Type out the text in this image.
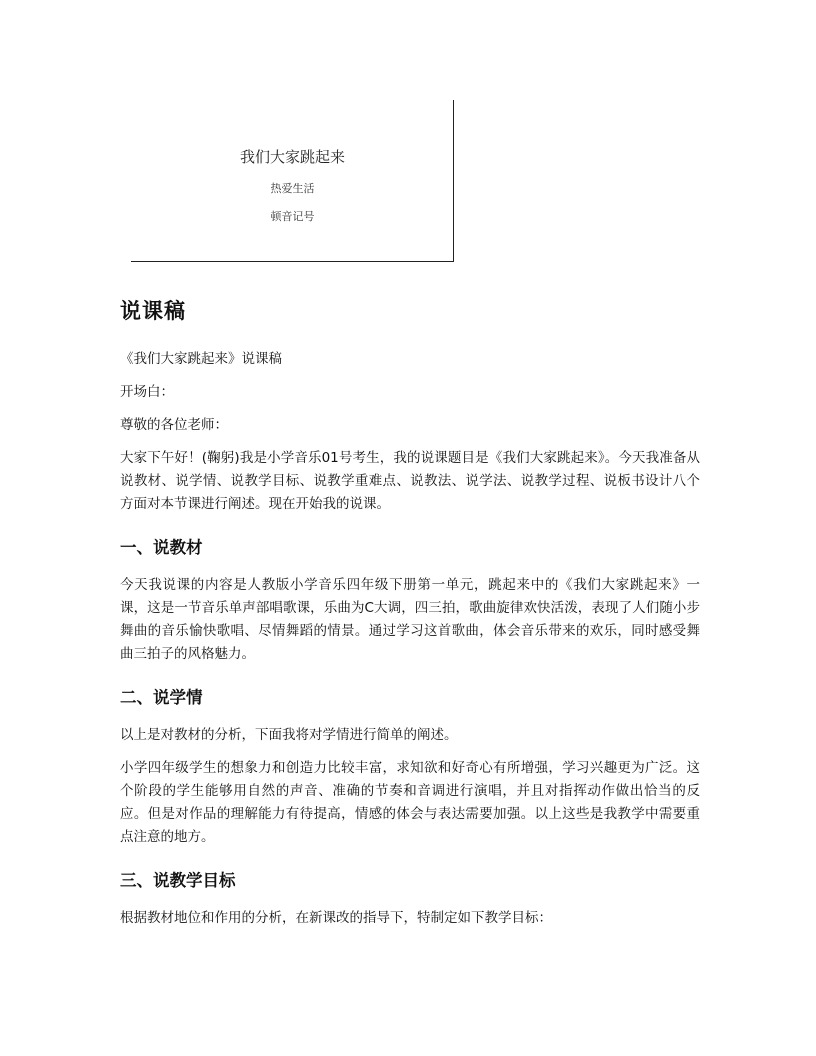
我们大家跳起来
热爱生活
顿音记号
说课稿

《我们大家跳起来》说课稿

开场白：

尊敬的各位老师：

大家下午好！(鞠躬)我是小学音乐01号考生，我的说课题目是《我们大家跳起来》。今天我准备从说教材、说学情、说教学目标、说教学重难点、说教法、说学法、说教学过程、说板书设计八个方面对本节课进行阐述。现在开始我的说课。

一、说教材

今天我说课的内容是人教版小学音乐四年级下册第一单元，跳起来中的《我们大家跳起来》一课，这是一节音乐单声部唱歌课，乐曲为C大调，四三拍，歌曲旋律欢快活泼，表现了人们随小步舞曲的音乐愉快歌唱、尽情舞蹈的情景。通过学习这首歌曲，体会音乐带来的欢乐，同时感受舞曲三拍子的风格魅力。

二、说学情

以上是对教材的分析，下面我将对学情进行简单的阐述。

小学四年级学生的想象力和创造力比较丰富，求知欲和好奇心有所增强，学习兴趣更为广泛。这个阶段的学生能够用自然的声音、准确的节奏和音调进行演唱，并且对指挥动作做出恰当的反应。但是对作品的理解能力有待提高，情感的体会与表达需要加强。以上这些是我教学中需要重点注意的地方。

三、说教学目标

根据教材地位和作用的分析，在新课改的指导下，特制定如下教学目标：
